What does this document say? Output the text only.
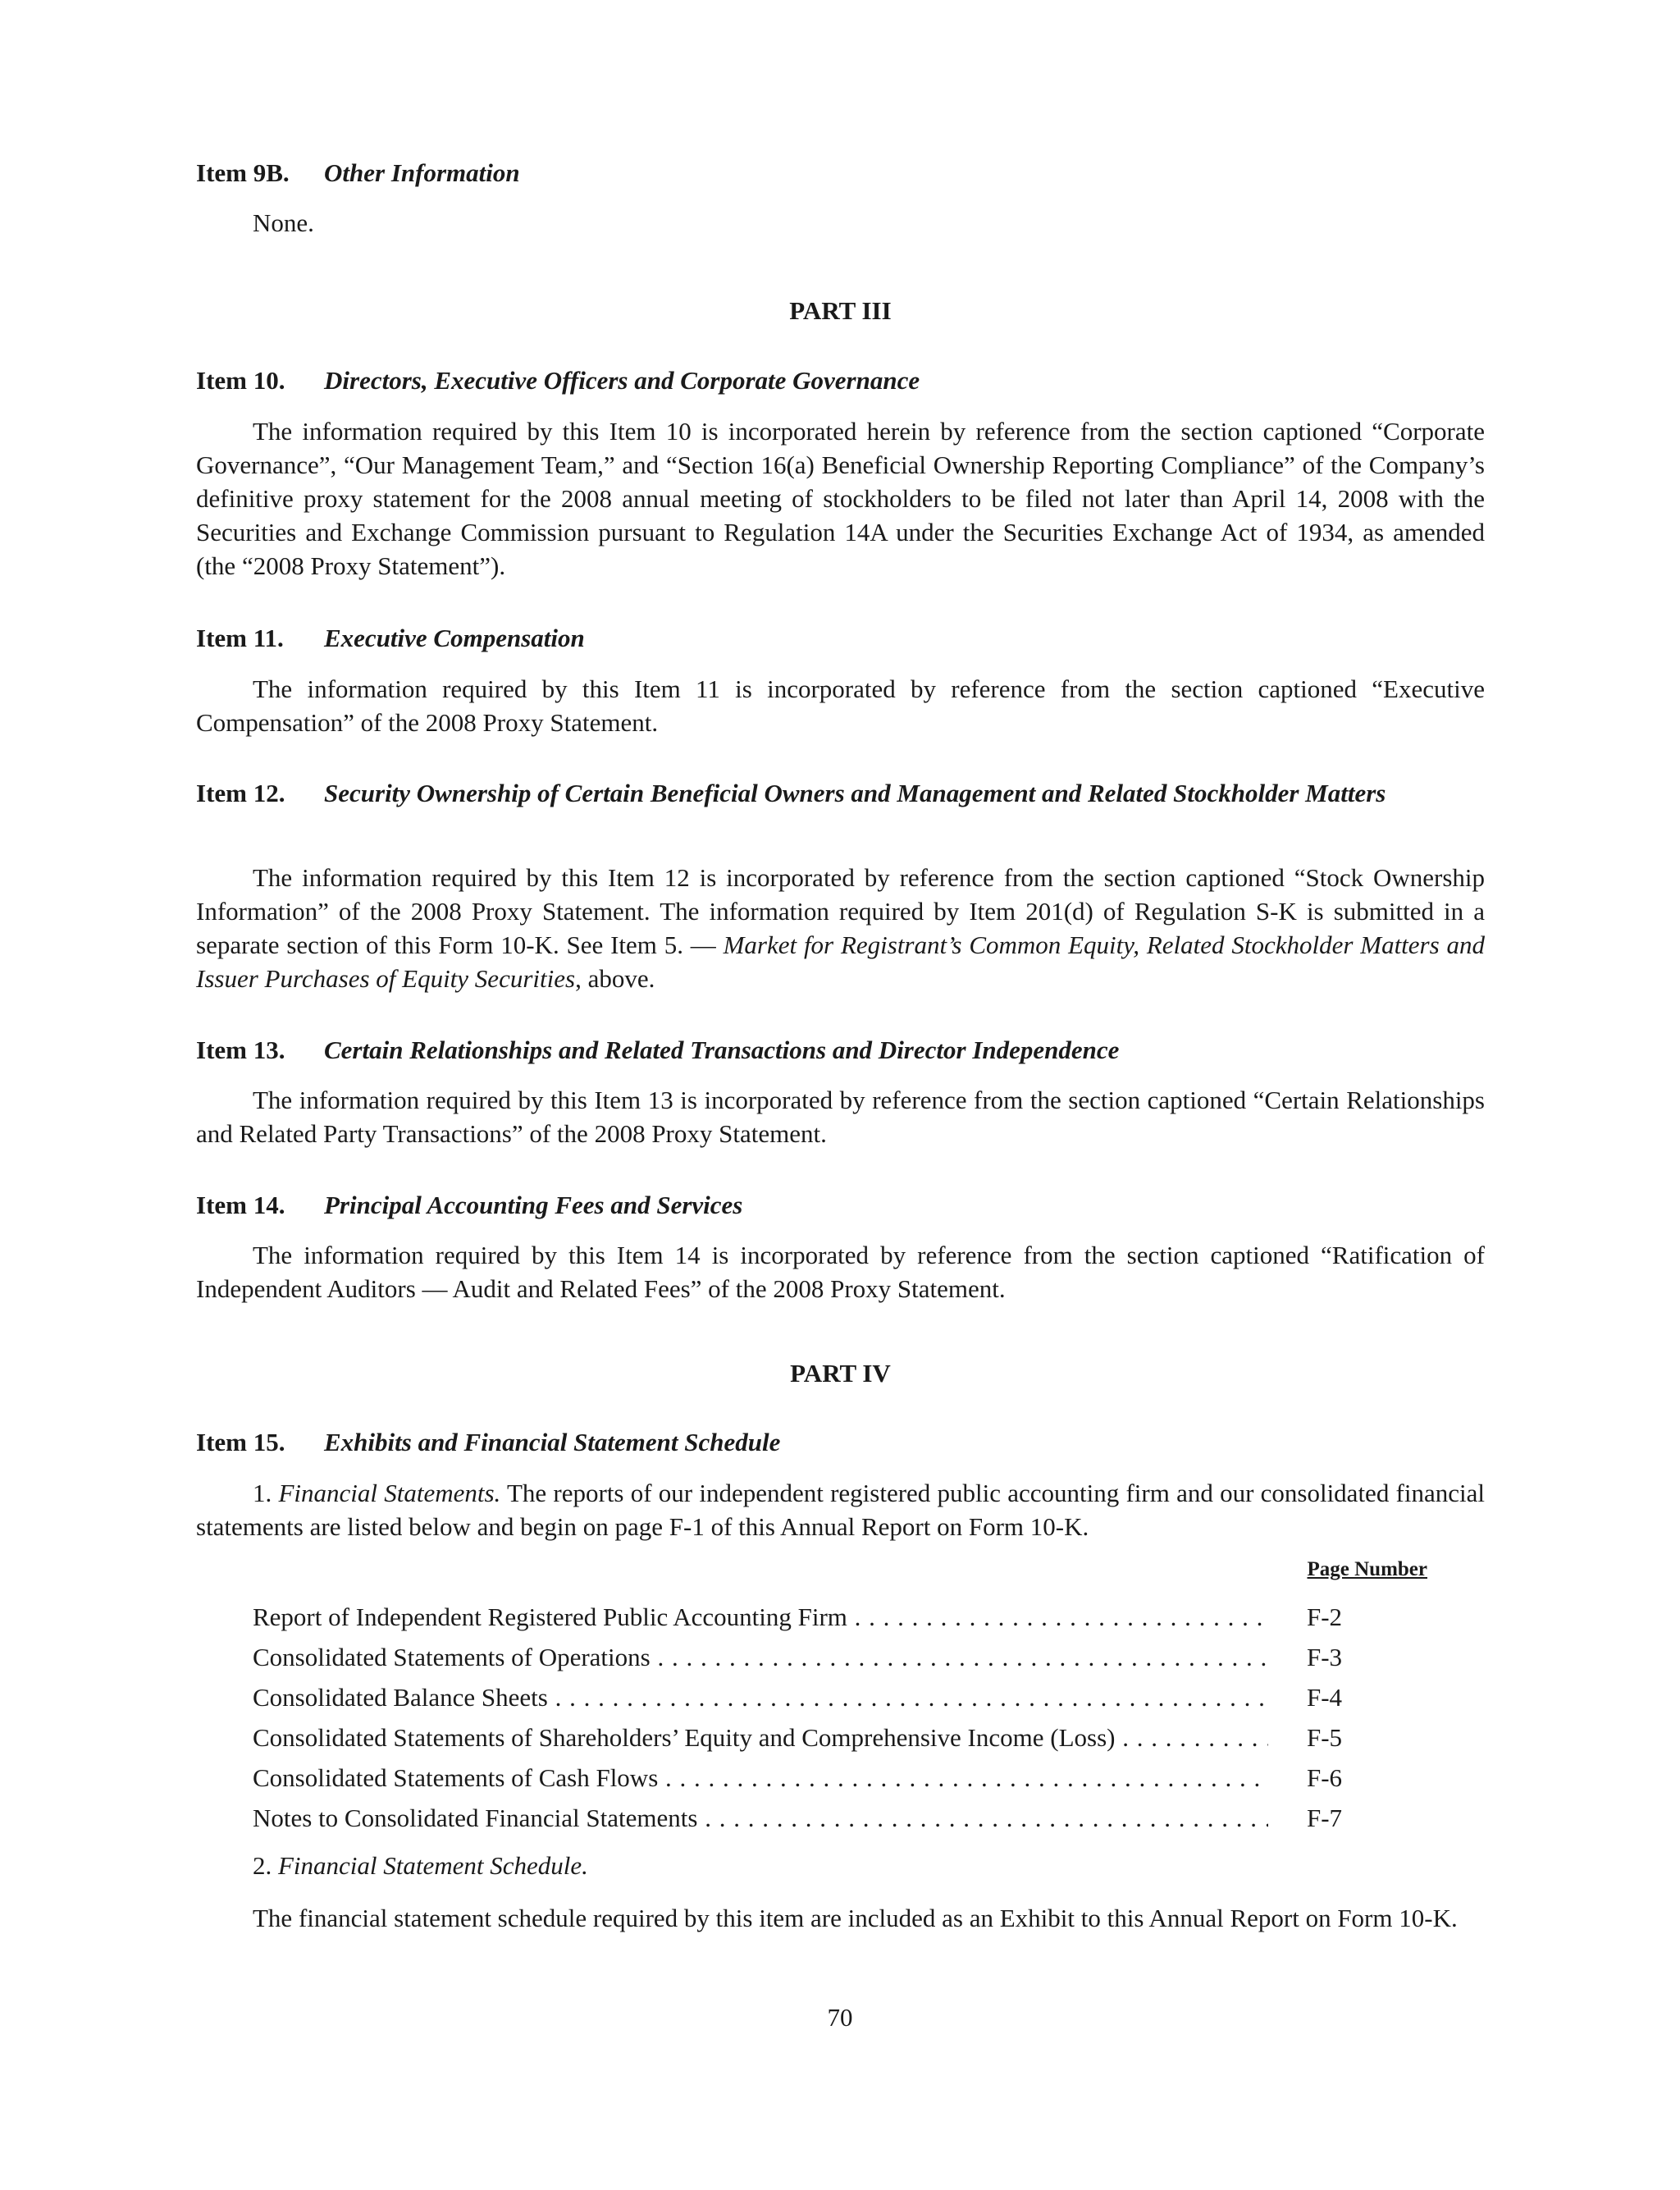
Item 9B. Other Information
None.
PART III
Item 10. Directors, Executive Officers and Corporate Governance

The information required by this Item 10 is incorporated herein by reference from the section captioned “Corporate Governance”, “Our Management Team,” and “Section 16(a) Beneficial Ownership Reporting Compliance” of the Company’s definitive proxy statement for the 2008 annual meeting of stockholders to be filed not later than April 14, 2008 with the Securities and Exchange Commission pursuant to Regulation 14A under the Securities Exchange Act of 1934, as amended (the “2008 Proxy Statement”).

Item 11. Executive Compensation

The information required by this Item 11 is incorporated by reference from the section captioned “Executive Compensation” of the 2008 Proxy Statement.

Item 12.	Security Ownership of Certain Beneficial Owners and Management and Related Stockholder Matters

The information required by this Item 12 is incorporated by reference from the section captioned “Stock Ownership Information” of the 2008 Proxy Statement. The information required by Item 201(d) of Regulation S-K is submitted in a separate section of this Form 10-K. See Item 5. — Market for Registrant’s Common Equity, Related Stockholder Matters and Issuer Purchases of Equity Securities, above.

Item 13. Certain Relationships and Related Transactions and Director Independence

The information required by this Item 13 is incorporated by reference from the section captioned “Certain Relationships and Related Party Transactions” of the 2008 Proxy Statement.

Item 14. Principal Accounting Fees and Services

The information required by this Item 14 is incorporated by reference from the section captioned “Ratification of Independent Auditors — Audit and Related Fees” of the 2008 Proxy Statement.

PART IV
Item 15. Exhibits and Financial Statement Schedule

1. Financial Statements. The reports of our independent registered public accounting firm and our consolidated financial statements are listed below and begin on page F-1 of this Annual Report on Form 10-K.

Page Number
Report of Independent Registered Public Accounting Firm . . .	F-2
Consolidated Statements of Operations . . .	F-3
Consolidated Balance Sheets . . .	F-4
Consolidated Statements of Shareholders’ Equity and Comprehensive Income (Loss) . . .	F-5
Consolidated Statements of Cash Flows . . .	F-6
Notes to Consolidated Financial Statements . . .	F-7
2. Financial Statement Schedule.

The financial statement schedule required by this item are included as an Exhibit to this Annual Report on Form 10-K.

70
